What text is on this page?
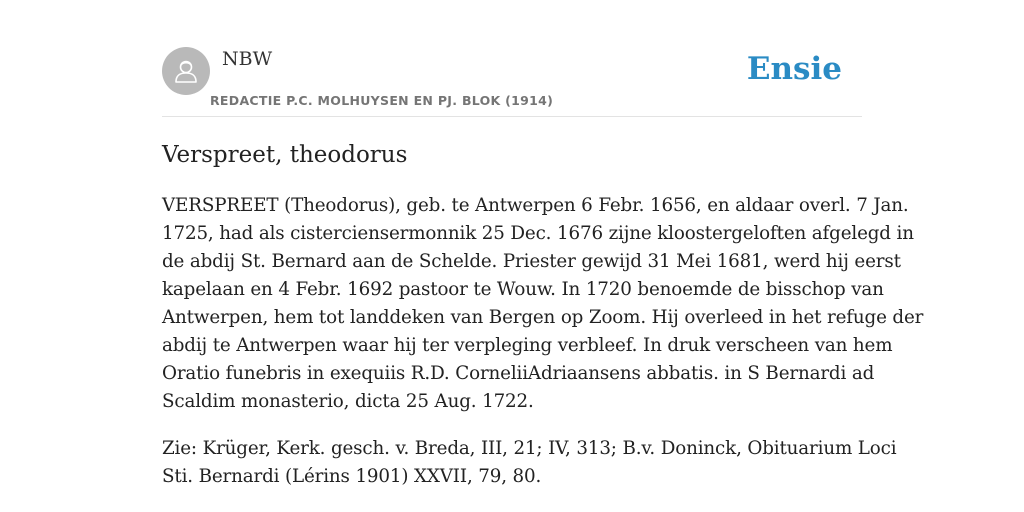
NBW
REDACTIE P.C. MOLHUYSEN EN PJ. BLOK (1914)
Ensie
Verspreet, theodorus

VERSPREET (Theodorus), geb. te Antwerpen 6 Febr. 1656, en aldaar overl. 7 Jan.
1725, had als cisterciensermonnik 25 Dec. 1676 zijne kloostergeloften afgelegd in
de abdij St. Bernard aan de Schelde. Priester gewijd 31 Mei 1681, werd hij eerst
kapelaan en 4 Febr. 1692 pastoor te Wouw. In 1720 benoemde de bisschop van
Antwerpen, hem tot landdeken van Bergen op Zoom. Hij overleed in het refuge der
abdij te Antwerpen waar hij ter verpleging verbleef. In druk verscheen van hem
Oratio funebris in exequiis R.D. CorneliiAdriaansens abbatis. in S Bernardi ad
Scaldim monasterio, dicta 25 Aug. 1722.

Zie: Krüger, Kerk. gesch. v. Breda, III, 21; IV, 313; B.v. Doninck, Obituarium Loci
Sti. Bernardi (Lérins 1901) XXVII, 79, 80.
